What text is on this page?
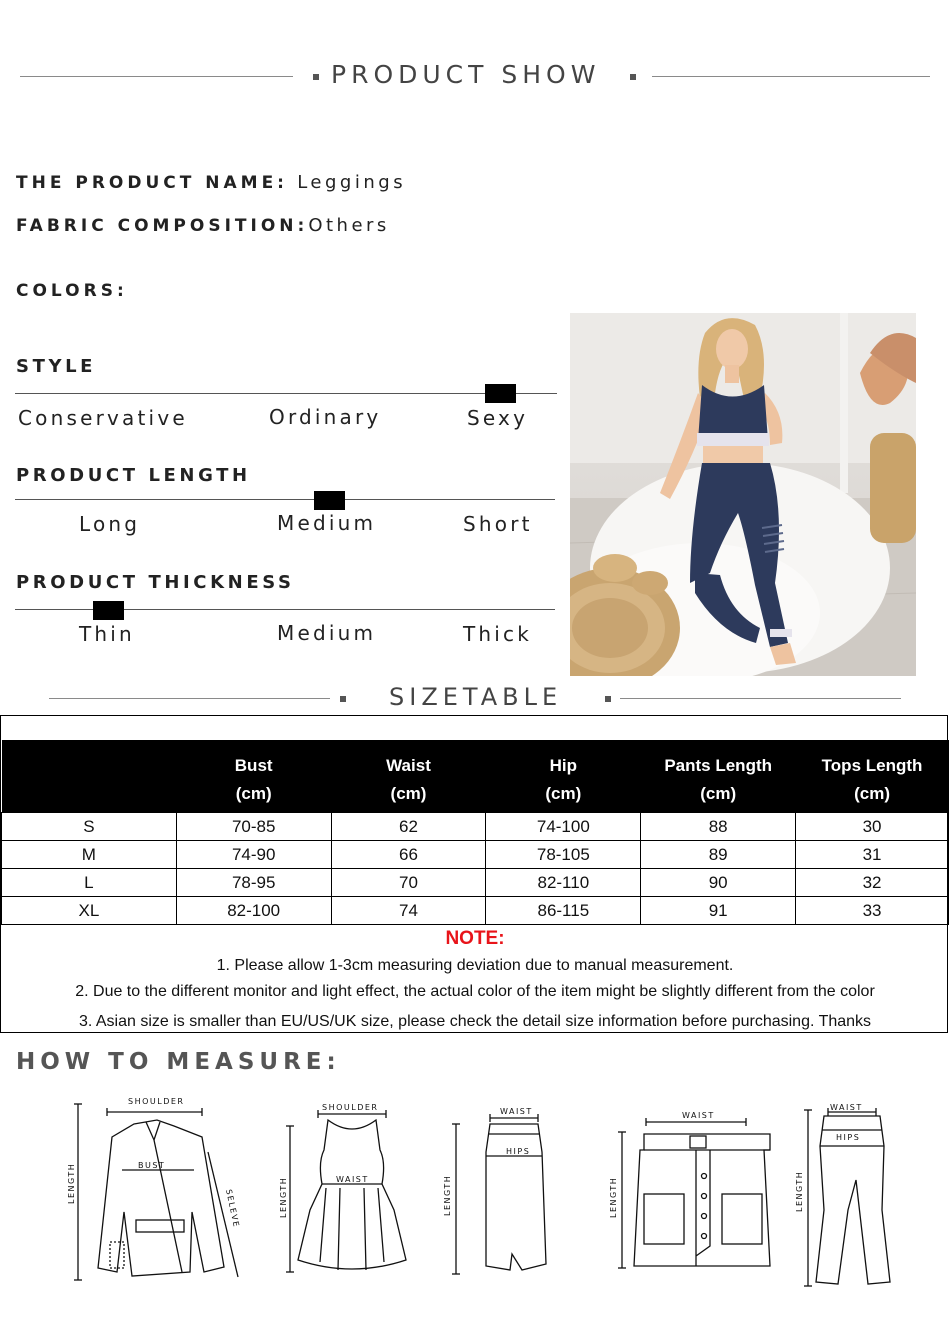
PRODUCT SHOW
THE PRODUCT NAME: Leggings
FABRIC COMPOSITION:Others
COLORS:
STYLE
Conservative	Ordinary	Sexy
PRODUCT LENGTH
Long	Medium	Short
PRODUCT THICKNESS
Thin	Medium	Thick
SIZETABLE
	Bust	Waist	Hip	Pants Length	Tops Length
	(cm)	(cm)	(cm)	(cm)	(cm)
S	70-85	62	74-100	88	30
M	74-90	66	78-105	89	31
L	78-95	70	82-110	90	32
XL	82-100	74	86-115	91	33
NOTE:
1. Please allow 1-3cm measuring deviation due to manual measurement.
2. Due to the different monitor and light effect, the actual color of the item might be slightly different from the color
3. Asian size is smaller than EU/US/UK size, please check the detail size information before purchasing. Thanks
HOW TO MEASURE:
SHOULDER
BUST
LENGTH
SELEVE
SHOULDER
WAIST
LENGTH
WAIST
HIPS
LENGTH
WAIST
LENGTH
WAIST
HIPS
LENGTH
